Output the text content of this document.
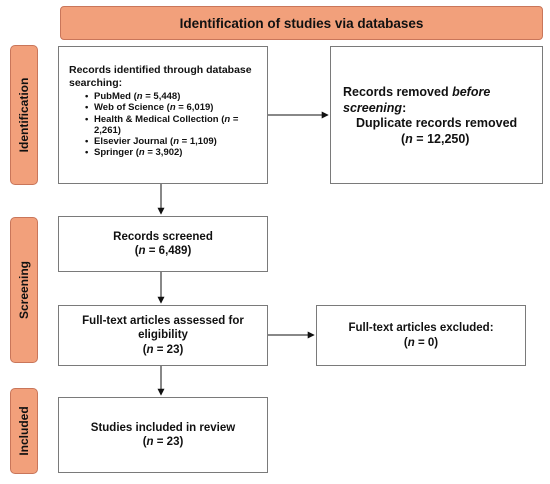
Identification of studies via databases
Identification
Screening
Included
Records identified through database searching:
• PubMed (n = 5,448)
• Web of Science (n = 6,019)
• Health & Medical Collection (n = 2,261)
• Elsevier Journal (n = 1,109)
• Springer (n = 3,902)
Records removed before
screening:
Duplicate records removed
(n = 12,250)
Records screened
(n = 6,489)
Full-text articles assessed for
eligibility
(n = 23)
Full-text articles excluded:
(n = 0)
Studies included in review
(n = 23)
